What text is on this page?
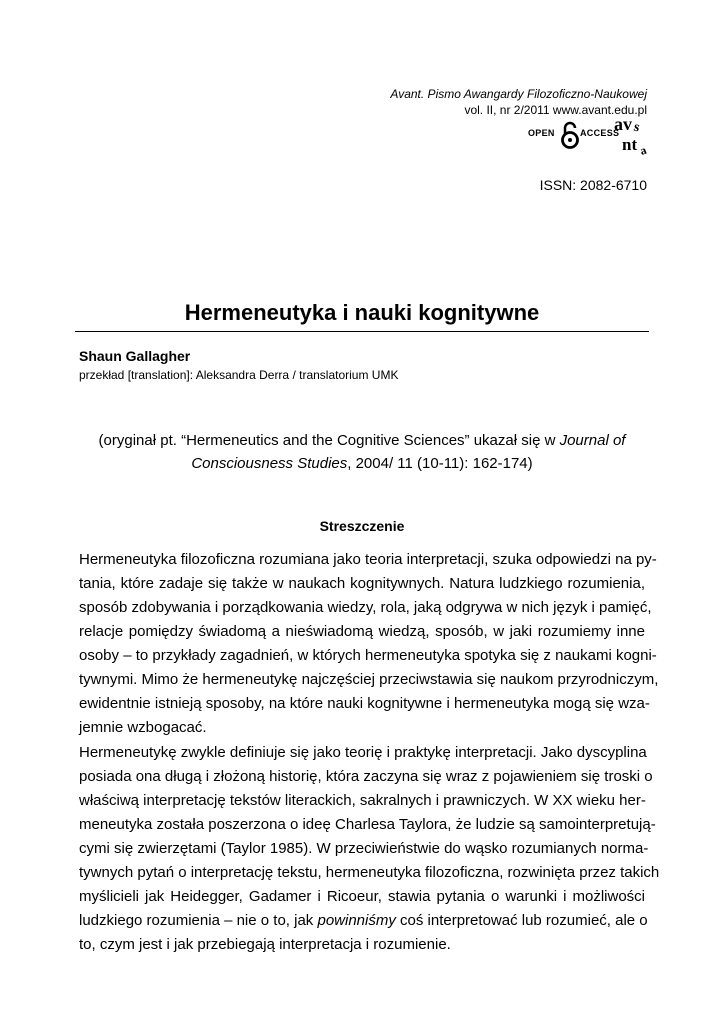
Avant. Pismo Awangardy Filozoficzno-Naukowej
vol. II, nr 2/2011 www.avant.edu.pl
OPEN	ACCESS
av s
nt a
ISSN: 2082-6710
Hermeneutyka i nauki kognitywne
Shaun Gallagher
przekład [translation]: Aleksandra Derra / translatorium UMK
(oryginał pt. “Hermeneutics and the Cognitive Sciences” ukazał się w Journal of Consciousness Studies, 2004/ 11 (10-11): 162-174)
Streszczenie
Hermeneutyka filozoficzna rozumiana jako teoria interpretacji, szuka odpowiedzi na py-
tania, które zadaje się także w naukach kognitywnych. Natura ludzkiego rozumienia,
sposób zdobywania i porządkowania wiedzy, rola, jaką odgrywa w nich język i pamięć,
relacje pomiędzy świadomą a nieświadomą wiedzą, sposób, w jaki rozumiemy inne
osoby – to przykłady zagadnień, w których hermeneutyka spotyka się z naukami kogni-
tywnymi. Mimo że hermeneutykę najczęściej przeciwstawia się naukom przyrodniczym,
ewidentnie istnieją sposoby, na które nauki kognitywne i hermeneutyka mogą się wza-
jemnie wzbogacać.
Hermeneutykę zwykle definiuje się jako teorię i praktykę interpretacji. Jako dyscyplina
posiada ona długą i złożoną historię, która zaczyna się wraz z pojawieniem się troski o
właściwą interpretację tekstów literackich, sakralnych i prawniczych. W XX wieku her-
meneutyka została poszerzona o ideę Charlesa Taylora, że ludzie są samointerpretują-
cymi się zwierzętami (Taylor 1985). W przeciwieństwie do wąsko rozumianych norma-
tywnych pytań o interpretację tekstu, hermeneutyka filozoficzna, rozwinięta przez takich
myślicieli jak Heidegger, Gadamer i Ricoeur, stawia pytania o warunki i możliwości
ludzkiego rozumienia – nie o to, jak powinniśmy coś interpretować lub rozumieć, ale o
to, czym jest i jak przebiegają interpretacja i rozumienie.
